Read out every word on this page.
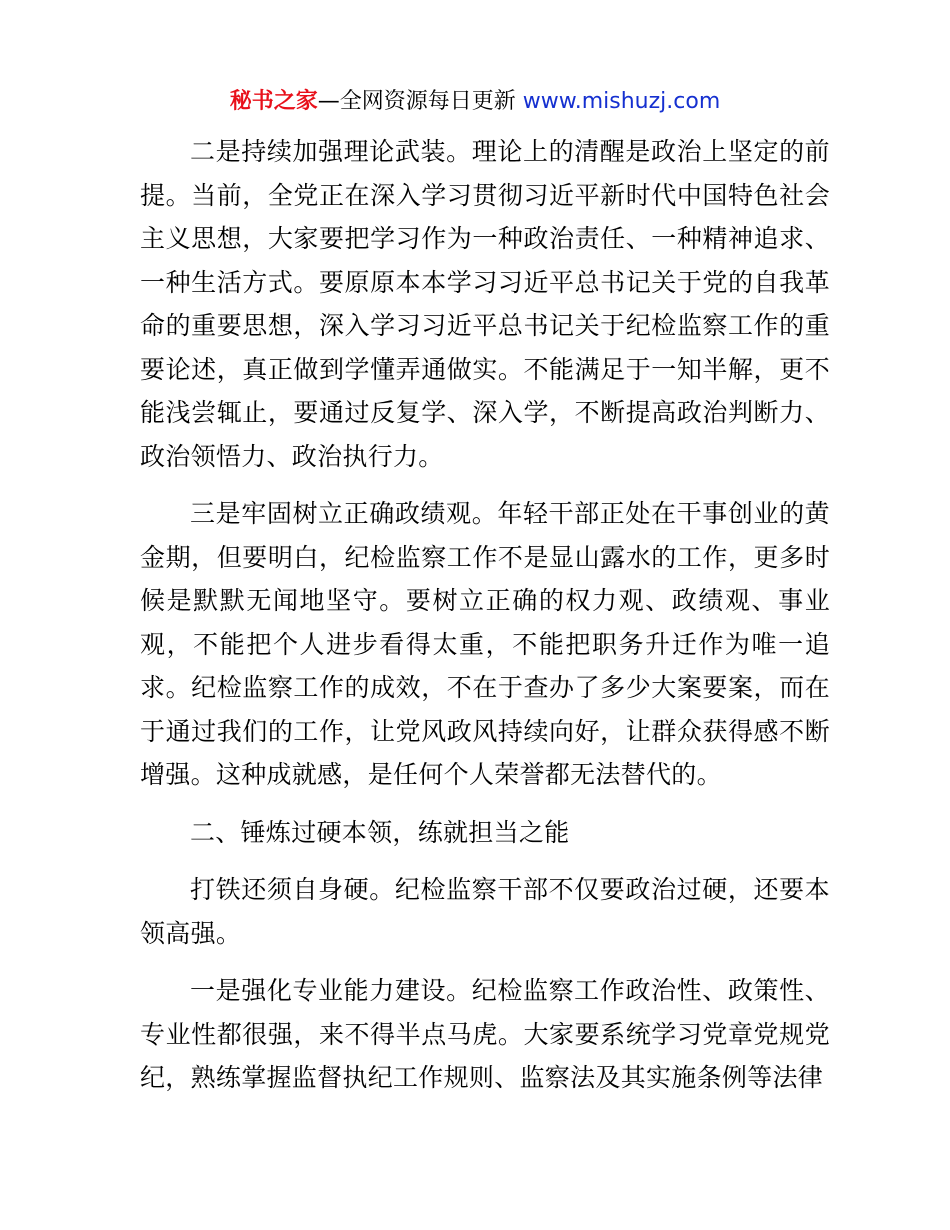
秘书之家—全网资源每日更新 www.mishuzj.com

二是持续加强理论武装。理论上的清醒是政治上坚定的前提。当前，全党正在深入学习贯彻习近平新时代中国特色社会主义思想，大家要把学习作为一种政治责任、一种精神追求、一种生活方式。要原原本本学习习近平总书记关于党的自我革命的重要思想，深入学习习近平总书记关于纪检监察工作的重要论述，真正做到学懂弄通做实。不能满足于一知半解，更不能浅尝辄止，要通过反复学、深入学，不断提高政治判断力、政治领悟力、政治执行力。

三是牢固树立正确政绩观。年轻干部正处在干事创业的黄金期，但要明白，纪检监察工作不是显山露水的工作，更多时候是默默无闻地坚守。要树立正确的权力观、政绩观、事业观，不能把个人进步看得太重，不能把职务升迁作为唯一追求。纪检监察工作的成效，不在于查办了多少大案要案，而在于通过我们的工作，让党风政风持续向好，让群众获得感不断增强。这种成就感，是任何个人荣誉都无法替代的。

二、锤炼过硬本领，练就担当之能

打铁还须自身硬。纪检监察干部不仅要政治过硬，还要本领高强。

一是强化专业能力建设。纪检监察工作政治性、政策性、专业性都很强，来不得半点马虎。大家要系统学习党章党规党纪，熟练掌握监督执纪工作规则、监察法及其实施条例等法律
